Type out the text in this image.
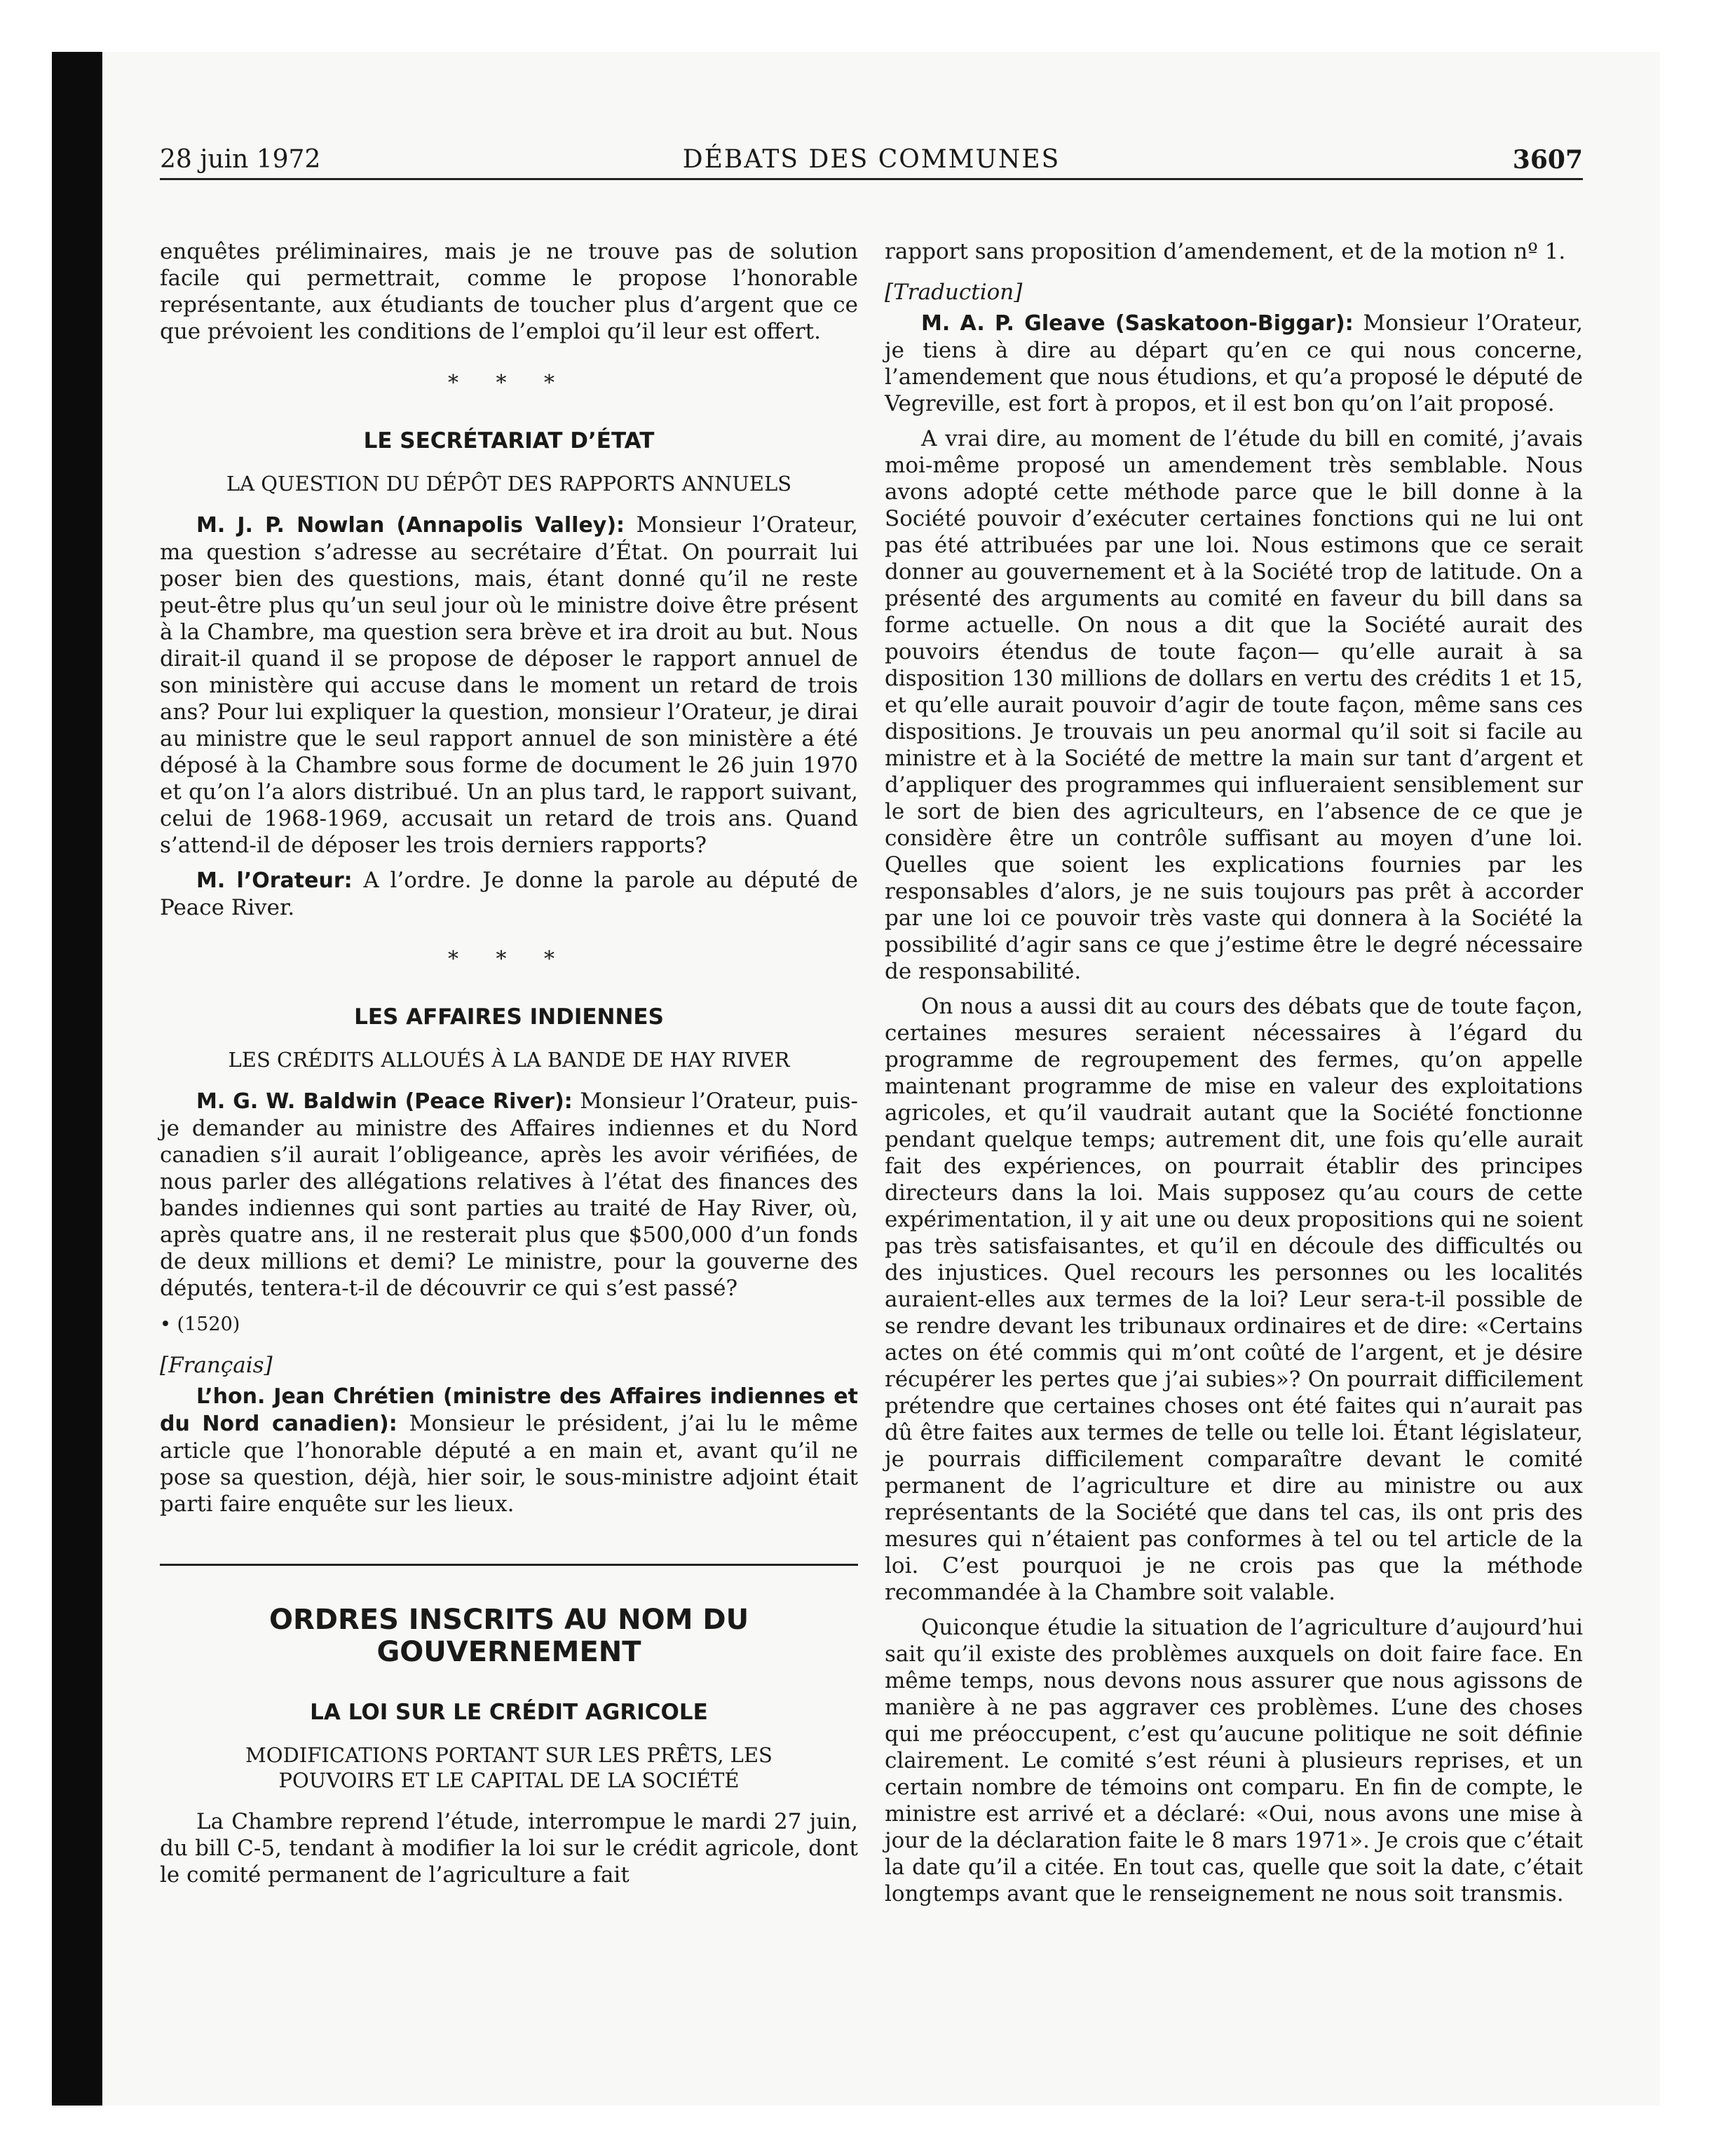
28 juin 1972	DÉBATS DES COMMUNES	3607

enquêtes préliminaires, mais je ne trouve pas de solution facile qui permettrait, comme le propose l’honorable représentante, aux étudiants de toucher plus d’argent que ce que prévoient les conditions de l’emploi qu’il leur est offert.

* * *
LE SECRÉTARIAT D’ÉTAT
LA QUESTION DU DÉPÔT DES RAPPORTS ANNUELS

M. J. P. Nowlan (Annapolis Valley): Monsieur l’Orateur, ma question s’adresse au secrétaire d’État. On pourrait lui poser bien des questions, mais, étant donné qu’il ne reste peut-être plus qu’un seul jour où le ministre doive être présent à la Chambre, ma question sera brève et ira droit au but. Nous dirait-il quand il se propose de déposer le rapport annuel de son ministère qui accuse dans le moment un retard de trois ans? Pour lui expliquer la question, monsieur l’Orateur, je dirai au ministre que le seul rapport annuel de son ministère a été déposé à la Chambre sous forme de document le 26 juin 1970 et qu’on l’a alors distribué. Un an plus tard, le rapport suivant, celui de 1968-1969, accusait un retard de trois ans. Quand s’attend-il de déposer les trois derniers rapports?

M. l’Orateur: A l’ordre. Je donne la parole au député de Peace River.

* * *
LES AFFAIRES INDIENNES
LES CRÉDITS ALLOUÉS À LA BANDE DE HAY RIVER

M. G. W. Baldwin (Peace River): Monsieur l’Orateur, puis-je demander au ministre des Affaires indiennes et du Nord canadien s’il aurait l’obligeance, après les avoir vérifiées, de nous parler des allégations relatives à l’état des finances des bandes indiennes qui sont parties au traité de Hay River, où, après quatre ans, il ne resterait plus que $500,000 d’un fonds de deux millions et demi? Le ministre, pour la gouverne des députés, tentera-t-il de découvrir ce qui s’est passé?

• (1520)
[Français]

L’hon. Jean Chrétien (ministre des Affaires indiennes et du Nord canadien): Monsieur le président, j’ai lu le même article que l’honorable député a en main et, avant qu’il ne pose sa question, déjà, hier soir, le sous-ministre adjoint était parti faire enquête sur les lieux.

ORDRES INSCRITS AU NOM DU
GOUVERNEMENT
LA LOI SUR LE CRÉDIT AGRICOLE
MODIFICATIONS PORTANT SUR LES PRÊTS, LES
POUVOIRS ET LE CAPITAL DE LA SOCIÉTÉ

La Chambre reprend l’étude, interrompue le mardi 27 juin, du bill C-5, tendant à modifier la loi sur le crédit agricole, dont le comité permanent de l’agriculture a fait

rapport sans proposition d’amendement, et de la motion nº 1.

[Traduction]

M. A. P. Gleave (Saskatoon-Biggar): Monsieur l’Orateur, je tiens à dire au départ qu’en ce qui nous concerne, l’amendement que nous étudions, et qu’a proposé le député de Vegreville, est fort à propos, et il est bon qu’on l’ait proposé.

A vrai dire, au moment de l’étude du bill en comité, j’avais moi-même proposé un amendement très semblable. Nous avons adopté cette méthode parce que le bill donne à la Société pouvoir d’exécuter certaines fonctions qui ne lui ont pas été attribuées par une loi. Nous estimons que ce serait donner au gouvernement et à la Société trop de latitude. On a présenté des arguments au comité en faveur du bill dans sa forme actuelle. On nous a dit que la Société aurait des pouvoirs étendus de toute façon— qu’elle aurait à sa disposition 130 millions de dollars en vertu des crédits 1 et 15, et qu’elle aurait pouvoir d’agir de toute façon, même sans ces dispositions. Je trouvais un peu anormal qu’il soit si facile au ministre et à la Société de mettre la main sur tant d’argent et d’appliquer des programmes qui influeraient sensiblement sur le sort de bien des agriculteurs, en l’absence de ce que je considère être un contrôle suffisant au moyen d’une loi. Quelles que soient les explications fournies par les responsables d’alors, je ne suis toujours pas prêt à accorder par une loi ce pouvoir très vaste qui donnera à la Société la possibilité d’agir sans ce que j’estime être le degré nécessaire de responsabilité.

On nous a aussi dit au cours des débats que de toute façon, certaines mesures seraient nécessaires à l’égard du programme de regroupement des fermes, qu’on appelle maintenant programme de mise en valeur des exploitations agricoles, et qu’il vaudrait autant que la Société fonctionne pendant quelque temps; autrement dit, une fois qu’elle aurait fait des expériences, on pourrait établir des principes directeurs dans la loi. Mais supposez qu’au cours de cette expérimentation, il y ait une ou deux propositions qui ne soient pas très satisfaisantes, et qu’il en découle des difficultés ou des injustices. Quel recours les personnes ou les localités auraient-elles aux termes de la loi? Leur sera-t-il possible de se rendre devant les tribunaux ordinaires et de dire: «Certains actes on été commis qui m’ont coûté de l’argent, et je désire récupérer les pertes que j’ai subies»? On pourrait difficilement prétendre que certaines choses ont été faites qui n’aurait pas dû être faites aux termes de telle ou telle loi. Étant législateur, je pourrais difficilement comparaître devant le comité permanent de l’agriculture et dire au ministre ou aux représentants de la Société que dans tel cas, ils ont pris des mesures qui n’étaient pas conformes à tel ou tel article de la loi. C’est pourquoi je ne crois pas que la méthode recommandée à la Chambre soit valable.

Quiconque étudie la situation de l’agriculture d’aujourd’hui sait qu’il existe des problèmes auxquels on doit faire face. En même temps, nous devons nous assurer que nous agissons de manière à ne pas aggraver ces problèmes. L’une des choses qui me préoccupent, c’est qu’aucune politique ne soit définie clairement. Le comité s’est réuni à plusieurs reprises, et un certain nombre de témoins ont comparu. En fin de compte, le ministre est arrivé et a déclaré: «Oui, nous avons une mise à jour de la déclaration faite le 8 mars 1971». Je crois que c’était la date qu’il a citée. En tout cas, quelle que soit la date, c’était longtemps avant que le renseignement ne nous soit transmis.
